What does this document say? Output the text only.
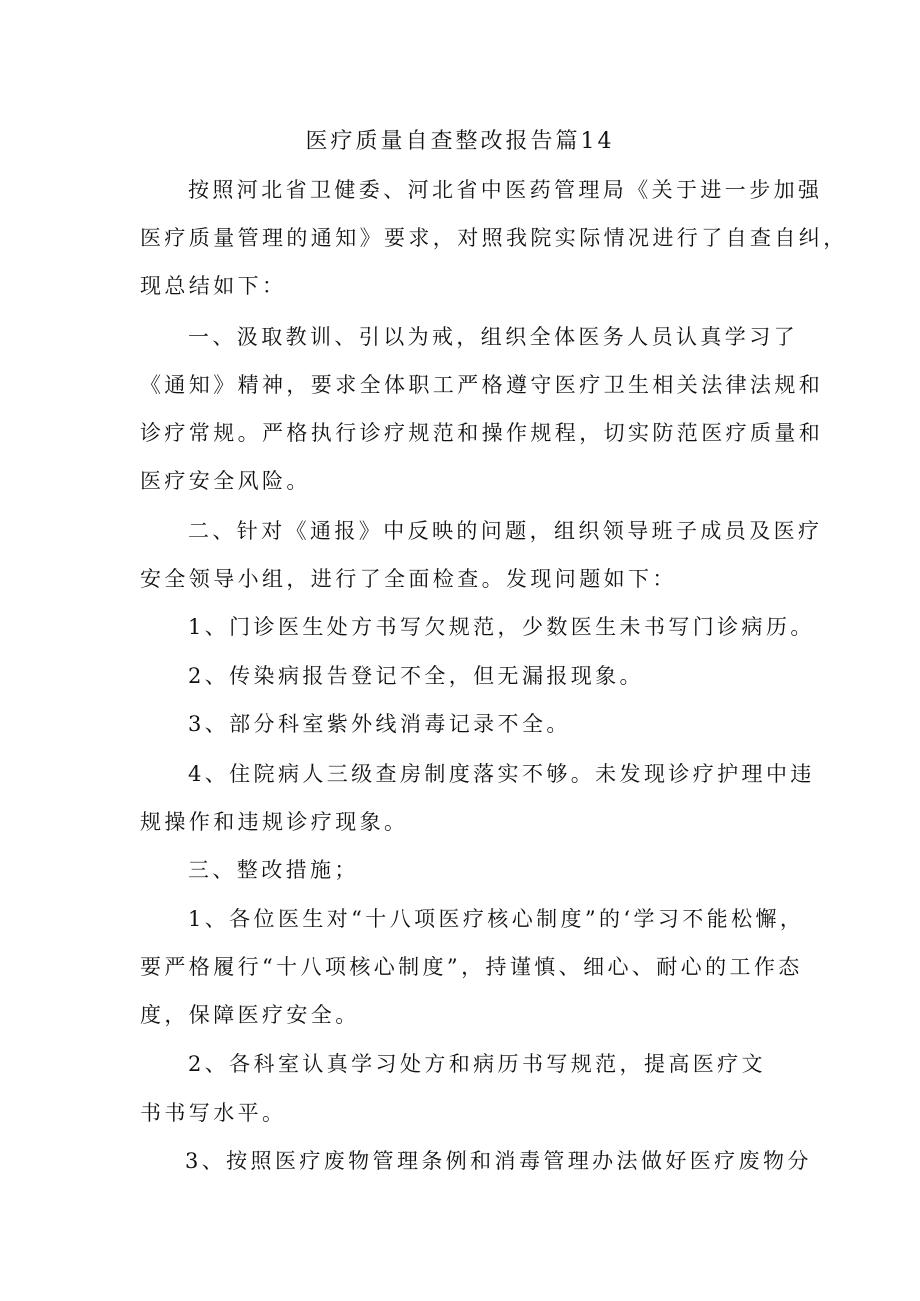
医疗质量自查整改报告篇14
按照河北省卫健委、河北省中医药管理局《关于进一步加强
医疗质量管理的通知》要求，对照我院实际情况进行了自查自纠，
现总结如下：
一、汲取教训、引以为戒，组织全体医务人员认真学习了
《通知》精神，要求全体职工严格遵守医疗卫生相关法律法规和
诊疗常规。严格执行诊疗规范和操作规程，切实防范医疗质量和
医疗安全风险。
二、针对《通报》中反映的问题，组织领导班子成员及医疗
安全领导小组，进行了全面检查。发现问题如下：
1、门诊医生处方书写欠规范，少数医生未书写门诊病历。
2、传染病报告登记不全，但无漏报现象。
3、部分科室紫外线消毒记录不全。
4、住院病人三级查房制度落实不够。未发现诊疗护理中违
规操作和违规诊疗现象。
三、整改措施；
1、各位医生对“十八项医疗核心制度”的‘学习不能松懈，
要严格履行“十八项核心制度”，持谨慎、细心、耐心的工作态
度，保障医疗安全。
2、各科室认真学习处方和病历书写规范，提高医疗文
书书写水平。
3、按照医疗废物管理条例和消毒管理办法做好医疗废物分
